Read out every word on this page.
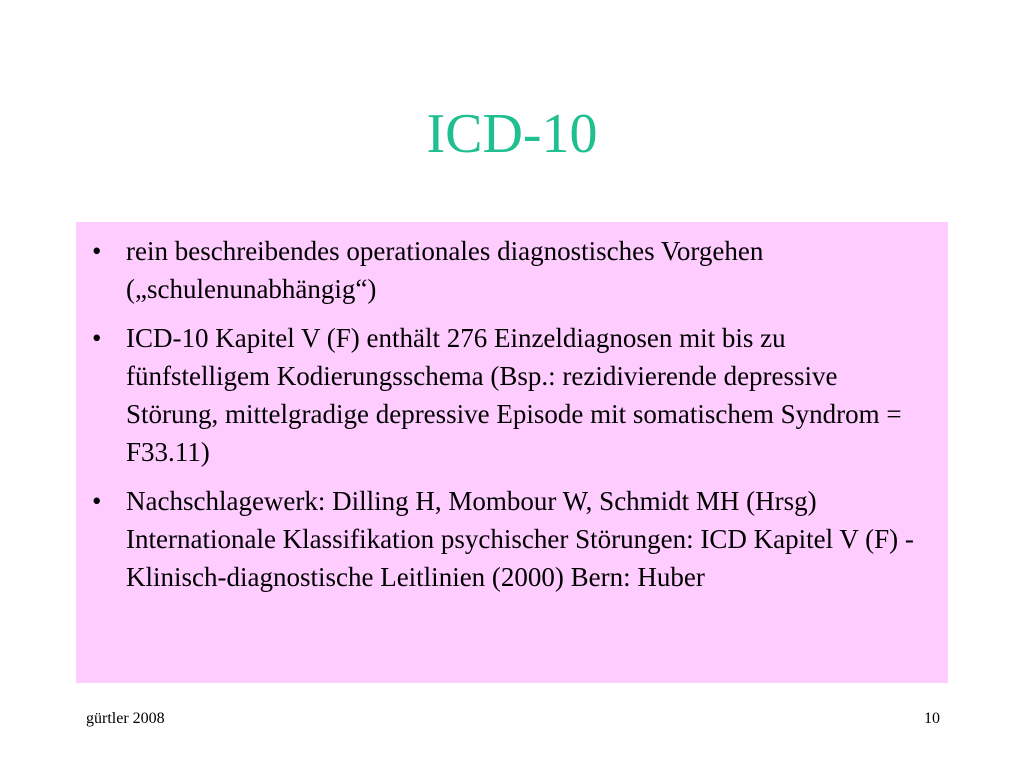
ICD-10
• rein beschreibendes operationales diagnostisches Vorgehen („schulenunabhängig“)
• ICD-10 Kapitel V (F) enthält 276 Einzeldiagnosen mit bis zu fünfstelligem Kodierungsschema (Bsp.: rezidivierende depressive Störung, mittelgradige depressive Episode mit somatischem Syndrom = F33.11)
• Nachschlagewerk: Dilling H, Mombour W, Schmidt MH (Hrsg) Internationale Klassifikation psychischer Störungen: ICD Kapitel V (F) - Klinisch-diagnostische Leitlinien (2000) Bern: Huber
gürtler 2008	10
